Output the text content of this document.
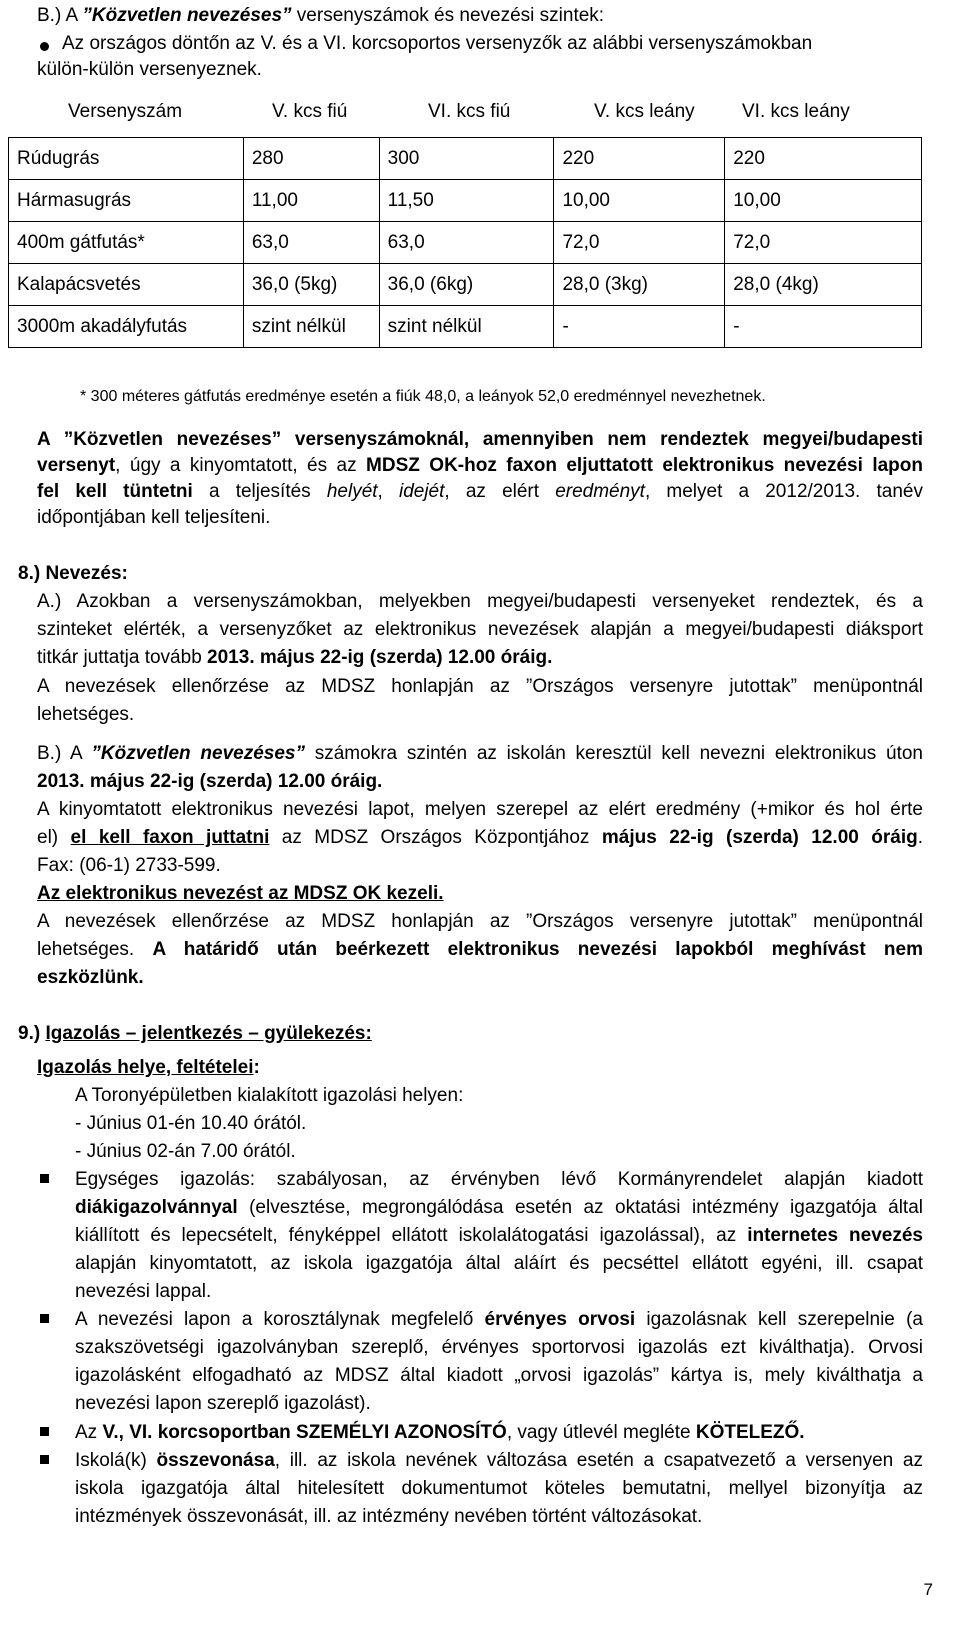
B.) A ”Közvetlen nevezéses” versenyszámok és nevezési szintek:
Az országos döntőn az V. és a VI. korcsoportos versenyzők az alábbi versenyszámokban
külön-külön versenyeznek.
Versenyszám	V. kcs fiú	VI. kcs fiú	V. kcs leány VI. kcs leány
Rúdugrás	280	300	220	220
Hármasugrás	11,00	11,50	10,00	10,00
400m gátfutás*	63,0	63,0	72,0	72,0
Kalapácsvetés	36,0 (5kg)	36,0 (6kg)	28,0 (3kg)	28,0 (4kg)
3000m akadályfutás	szint nélkül	szint nélkül	-	-
* 300 méteres gátfutás eredménye esetén a fiúk 48,0, a leányok 52,0 eredménnyel nevezhetnek.
A ”Közvetlen nevezéses” versenyszámoknál, amennyiben nem rendeztek megyei/budapesti
versenyt, úgy a kinyomtatott, és az MDSZ OK-hoz faxon eljuttatott elektronikus nevezési lapon
fel kell tüntetni a teljesítés helyét, idejét, az elért eredményt, melyet a 2012/2013. tanév
időpontjában kell teljesíteni.
8.) Nevezés:
A.) Azokban a versenyszámokban, melyekben megyei/budapesti versenyeket rendeztek, és a
szinteket elérték, a versenyzőket az elektronikus nevezések alapján a megyei/budapesti diáksport
titkár juttatja tovább 2013. május 22-ig (szerda) 12.00 óráig.
A nevezések ellenőrzése az MDSZ honlapján az ”Országos versenyre jutottak” menüpontnál
lehetséges.
B.) A ”Közvetlen nevezéses” számokra szintén az iskolán keresztül kell nevezni elektronikus úton
2013. május 22-ig (szerda) 12.00 óráig.
A kinyomtatott elektronikus nevezési lapot, melyen szerepel az elért eredmény (+mikor és hol érte
el) el kell faxon juttatni az MDSZ Országos Központjához május 22-ig (szerda) 12.00 óráig.
Fax: (06-1) 2733-599.
Az elektronikus nevezést az MDSZ OK kezeli.
A nevezések ellenőrzése az MDSZ honlapján az ”Országos versenyre jutottak” menüpontnál
lehetséges. A határidő után beérkezett elektronikus nevezési lapokból meghívást nem
eszközlünk.
9.) Igazolás – jelentkezés – gyülekezés:
Igazolás helye, feltételei:
A Toronyépületben kialakított igazolási helyen:
- Június 01-én 10.40 órától.
- Június 02-án 7.00 órától.
Egységes igazolás: szabályosan, az érvényben lévő Kormányrendelet alapján kiadott
diákigazolvánnyal (elvesztése, megrongálódása esetén az oktatási intézmény igazgatója által
kiállított és lepecsételt, fényképpel ellátott iskolalátogatási igazolással), az internetes nevezés
alapján kinyomtatott, az iskola igazgatója által aláírt és pecséttel ellátott egyéni, ill. csapat
nevezési lappal.
A nevezési lapon a korosztálynak megfelelő érvényes orvosi igazolásnak kell szerepelnie (a
szakszövetségi igazolványban szereplő, érvényes sportorvosi igazolás ezt kiválthatja). Orvosi
igazolásként elfogadható az MDSZ által kiadott „orvosi igazolás” kártya is, mely kiválthatja a
nevezési lapon szereplő igazolást).
Az V., VI. korcsoportban SZEMÉLYI AZONOSÍTÓ, vagy útlevél megléte KÖTELEZŐ.
Iskolá(k) összevonása, ill. az iskola nevének változása esetén a csapatvezető a versenyen az
iskola igazgatója által hitelesített dokumentumot köteles bemutatni, mellyel bizonyítja az
intézmények összevonását, ill. az intézmény nevében történt változásokat.
7
